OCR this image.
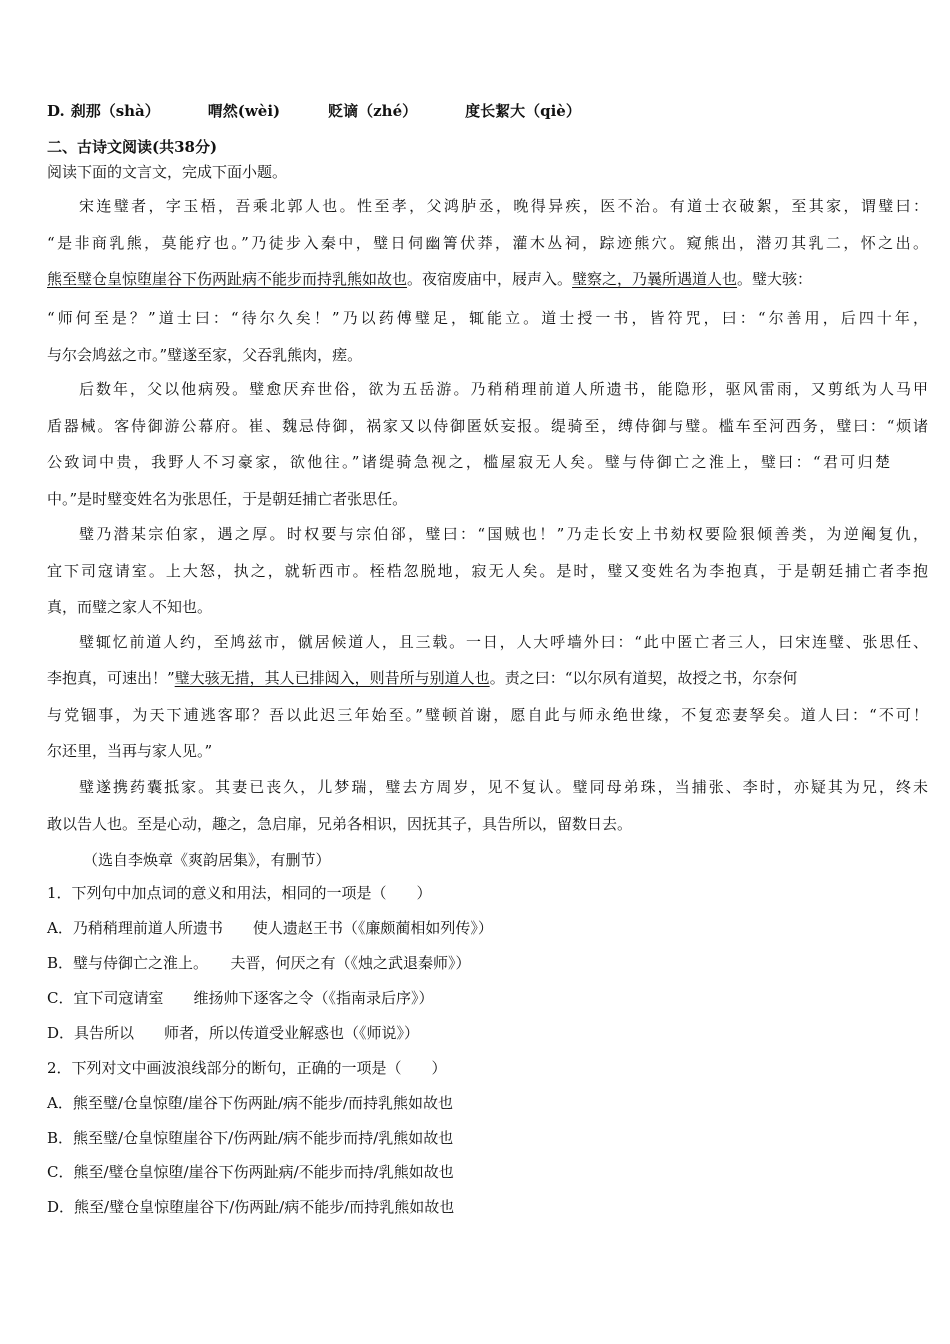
D. 刹那（shà）	喟然(wèi)	贬谪（zhé）	度长絜大（qiè）
二、古诗文阅读(共38分)
阅读下面的文言文，完成下面小题。
宋连璧者，字玉梧，吾乘北郭人也。性至孝，父鸿胪丞，晚得异疾，医不治。有道士衣破絮，至其家，谓璧曰：
“是非商乳熊，莫能疗也。”乃徒步入秦中，璧日伺幽箐伏莽，灌木丛祠，踪迹熊穴。窥熊出，潜刃其乳二，怀之出。
熊至璧仓皇惊堕崖谷下伤两趾病不能步而持乳熊如故也。夜宿废庙中，屐声入。璧察之，乃曩所遇道人也。璧大骇：
“师何至是？”道士曰：“待尔久矣！”乃以药傅璧足，辄能立。道士授一书，皆符咒，曰：“尔善用，后四十年，
与尔会鸠兹之市。”璧遂至家，父吞乳熊肉，瘥。
后数年，父以他病殁。璧愈厌弃世俗，欲为五岳游。乃稍稍理前道人所遗书，能隐形，驱风雷雨，又剪纸为人马甲
盾器械。客侍御游公幕府。崔、魏忌侍御，祸家又以侍御匿妖妄报。缇骑至，缚侍御与璧。槛车至河西务，璧曰：“烦诸
公致词中贵，我野人不习豪家，欲他往。”诸缇骑急视之，槛屋寂无人矣。璧与侍御亡之淮上，璧曰：“君可归楚
中。”是时璧变姓名为张思任，于是朝廷捕亡者张思任。
璧乃潜某宗伯家，遇之厚。时权要与宗伯郤，璧曰：“国贼也！”乃走长安上书劾权要险狠倾善类，为逆阉复仇，
宜下司寇请室。上大怒，执之，就斩西市。桎梏忽脱地，寂无人矣。是时，璧又变姓名为李抱真，于是朝廷捕亡者李抱
真，而璧之家人不知也。
璧辄忆前道人约，至鸠兹市，僦居候道人，且三载。一日，人大呼墙外曰：“此中匿亡者三人，曰宋连璧、张思任、
李抱真，可速出！”璧大骇无措，其人已排闼入，则昔所与别道人也。责之曰：“以尔夙有道契，故授之书，尔奈何
与党锢事，为天下逋逃客耶？吾以此迟三年始至。”璧顿首谢，愿自此与师永绝世缘，不复恋妻孥矣。道人曰：“不可！
尔还里，当再与家人见。”
璧遂携药囊抵家。其妻已丧久，儿梦瑞，璧去方周岁，见不复认。璧同母弟珠，当捕张、李时，亦疑其为兄，终未
敢以告人也。至是心动，趣之，急启扉，兄弟各相识，因抚其子，具告所以，留数日去。
（选自李焕章《爽韵居集》，有删节）
1．下列句中加点词的意义和用法，相同的一项是（　　）
A．乃稍稍理前道人所遗书　　使人遗赵王书（《廉颇蔺相如列传》）
B．璧与侍御亡之淮上。　　夫晋，何厌之有（《烛之武退秦师》）
C．宜下司寇请室　　维扬帅下逐客之令（《指南录后序》）
D．具告所以　　师者，所以传道受业解惑也（《师说》）
2．下列对文中画波浪线部分的断句，正确的一项是（　　）
A．熊至璧/仓皇惊堕/崖谷下伤两趾/病不能步/而持乳熊如故也
B．熊至璧/仓皇惊堕崖谷下/伤两趾/病不能步而持/乳熊如故也
C．熊至/璧仓皇惊堕/崖谷下伤两趾病/不能步而持/乳熊如故也
D．熊至/璧仓皇惊堕崖谷下/伤两趾/病不能步/而持乳熊如故也
